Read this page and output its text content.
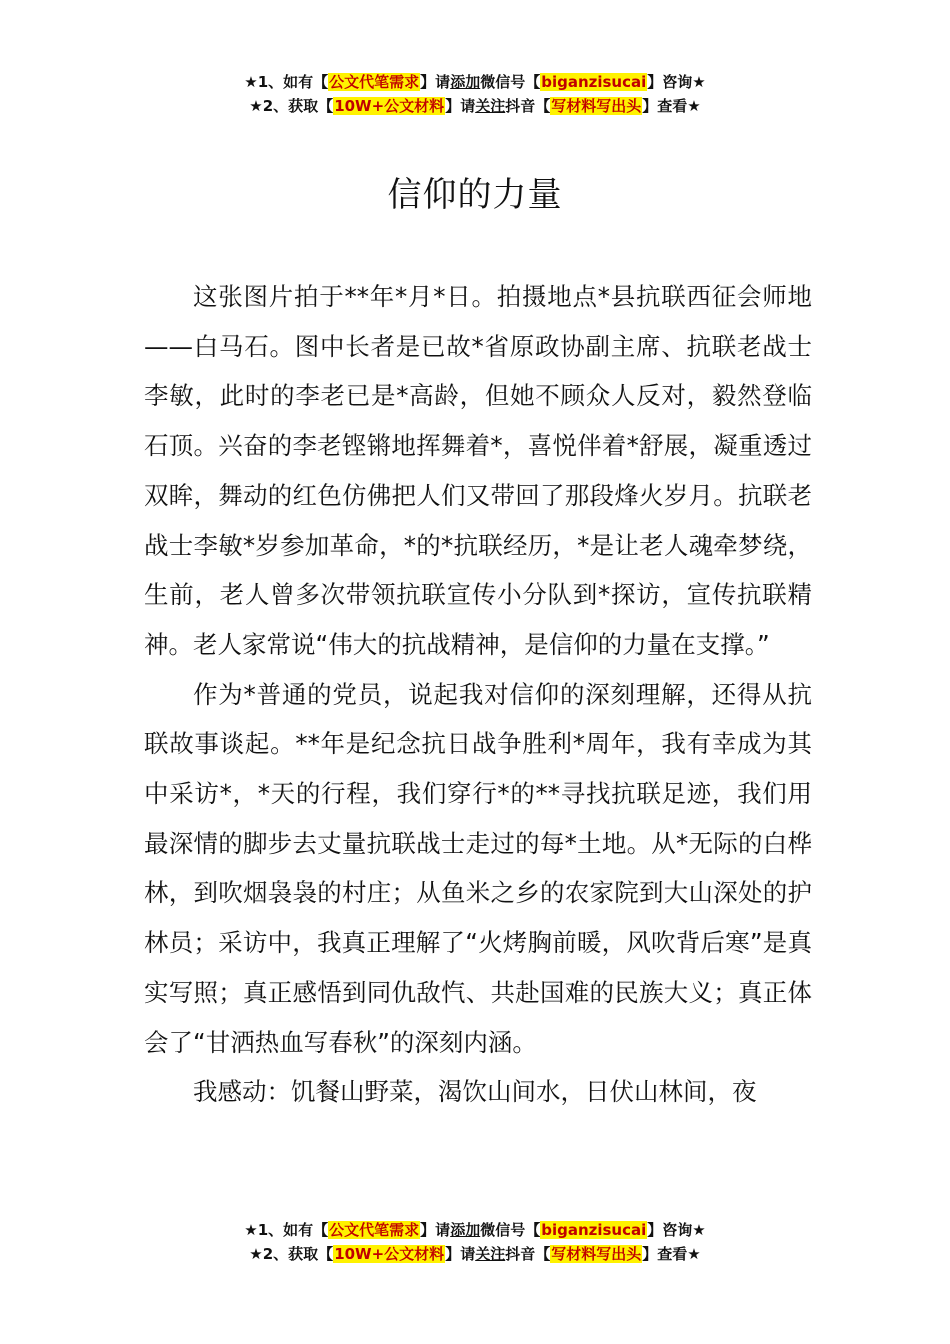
★1、如有【公文代笔需求】请添加微信号【biganzisucai】咨询★
★2、获取【10W+公文材料】请关注抖音【写材料写出头】查看★
信仰的力量

这张图片拍于**年*月*日。拍摄地点*县抗联西征会师地——白马石。图中长者是已故*省原政协副主席、抗联老战士李敏，此时的李老已是*高龄，但她不顾众人反对，毅然登临石顶。兴奋的李老铿锵地挥舞着*，喜悦伴着*舒展，凝重透过双眸，舞动的红色仿佛把人们又带回了那段烽火岁月。抗联老战士李敏*岁参加革命，*的*抗联经历，*是让老人魂牵梦绕，生前，老人曾多次带领抗联宣传小分队到*探访，宣传抗联精神。老人家常说“伟大的抗战精神，是信仰的力量在支撑。”

作为*普通的党员，说起我对信仰的深刻理解，还得从抗联故事谈起。**年是纪念抗日战争胜利*周年，我有幸成为其中采访*，*天的行程，我们穿行*的**寻找抗联足迹，我们用最深情的脚步去丈量抗联战士走过的每*土地。从*无际的白桦林，到吹烟袅袅的村庄；从鱼米之乡的农家院到大山深处的护林员；采访中，我真正理解了“火烤胸前暖，风吹背后寒”是真实写照；真正感悟到同仇敌忾、共赴国难的民族大义；真正体会了“甘洒热血写春秋”的深刻内涵。

我感动：饥餐山野菜，渴饮山间水，日伏山林间，夜

★1、如有【公文代笔需求】请添加微信号【biganzisucai】咨询★
★2、获取【10W+公文材料】请关注抖音【写材料写出头】查看★
